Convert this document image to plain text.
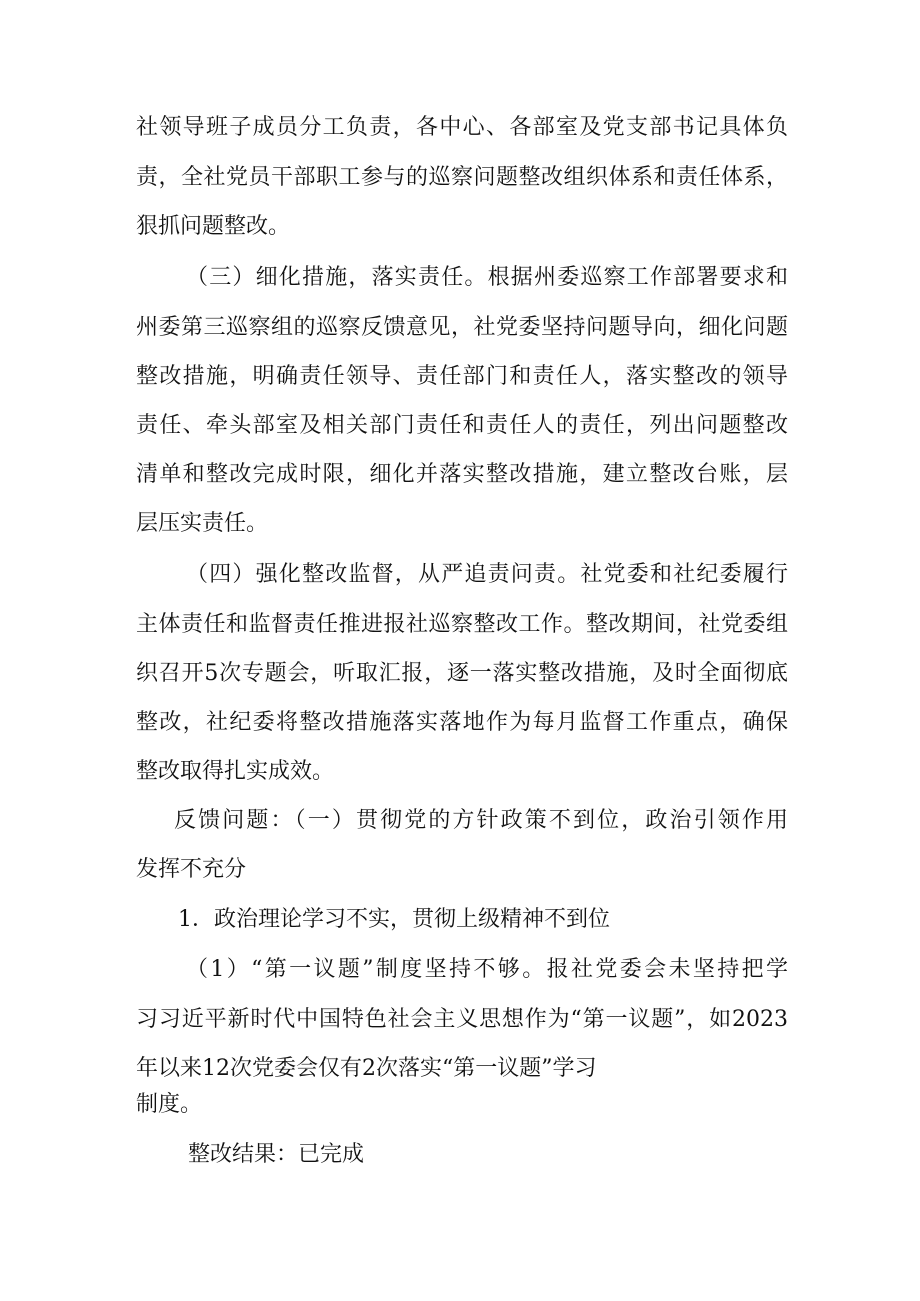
社领导班子成员分工负责，各中心、各部室及党支部书记具体负
责，全社党员干部职工参与的巡察问题整改组织体系和责任体系，
狠抓问题整改。
（三）细化措施，落实责任。根据州委巡察工作部署要求和
州委第三巡察组的巡察反馈意见，社党委坚持问题导向，细化问题
整改措施，明确责任领导、责任部门和责任人，落实整改的领导
责任、牵头部室及相关部门责任和责任人的责任，列出问题整改
清单和整改完成时限，细化并落实整改措施，建立整改台账，层
层压实责任。
（四）强化整改监督，从严追责问责。社党委和社纪委履行
主体责任和监督责任推进报社巡察整改工作。整改期间，社党委组
织召开5次专题会，听取汇报，逐一落实整改措施，及时全面彻底
整改，社纪委将整改措施落实落地作为每月监督工作重点，确保
整改取得扎实成效。
反馈问题：（一）贯彻党的方针政策不到位，政治引领作用
发挥不充分
1．政治理论学习不实，贯彻上级精神不到位
（1）“第一议题”制度坚持不够。报社党委会未坚持把学
习习近平新时代中国特色社会主义思想作为“第一议题”，如2023
年以来12次党委会仅有2次落实“第一议题”学习
制度。
整改结果：已完成
